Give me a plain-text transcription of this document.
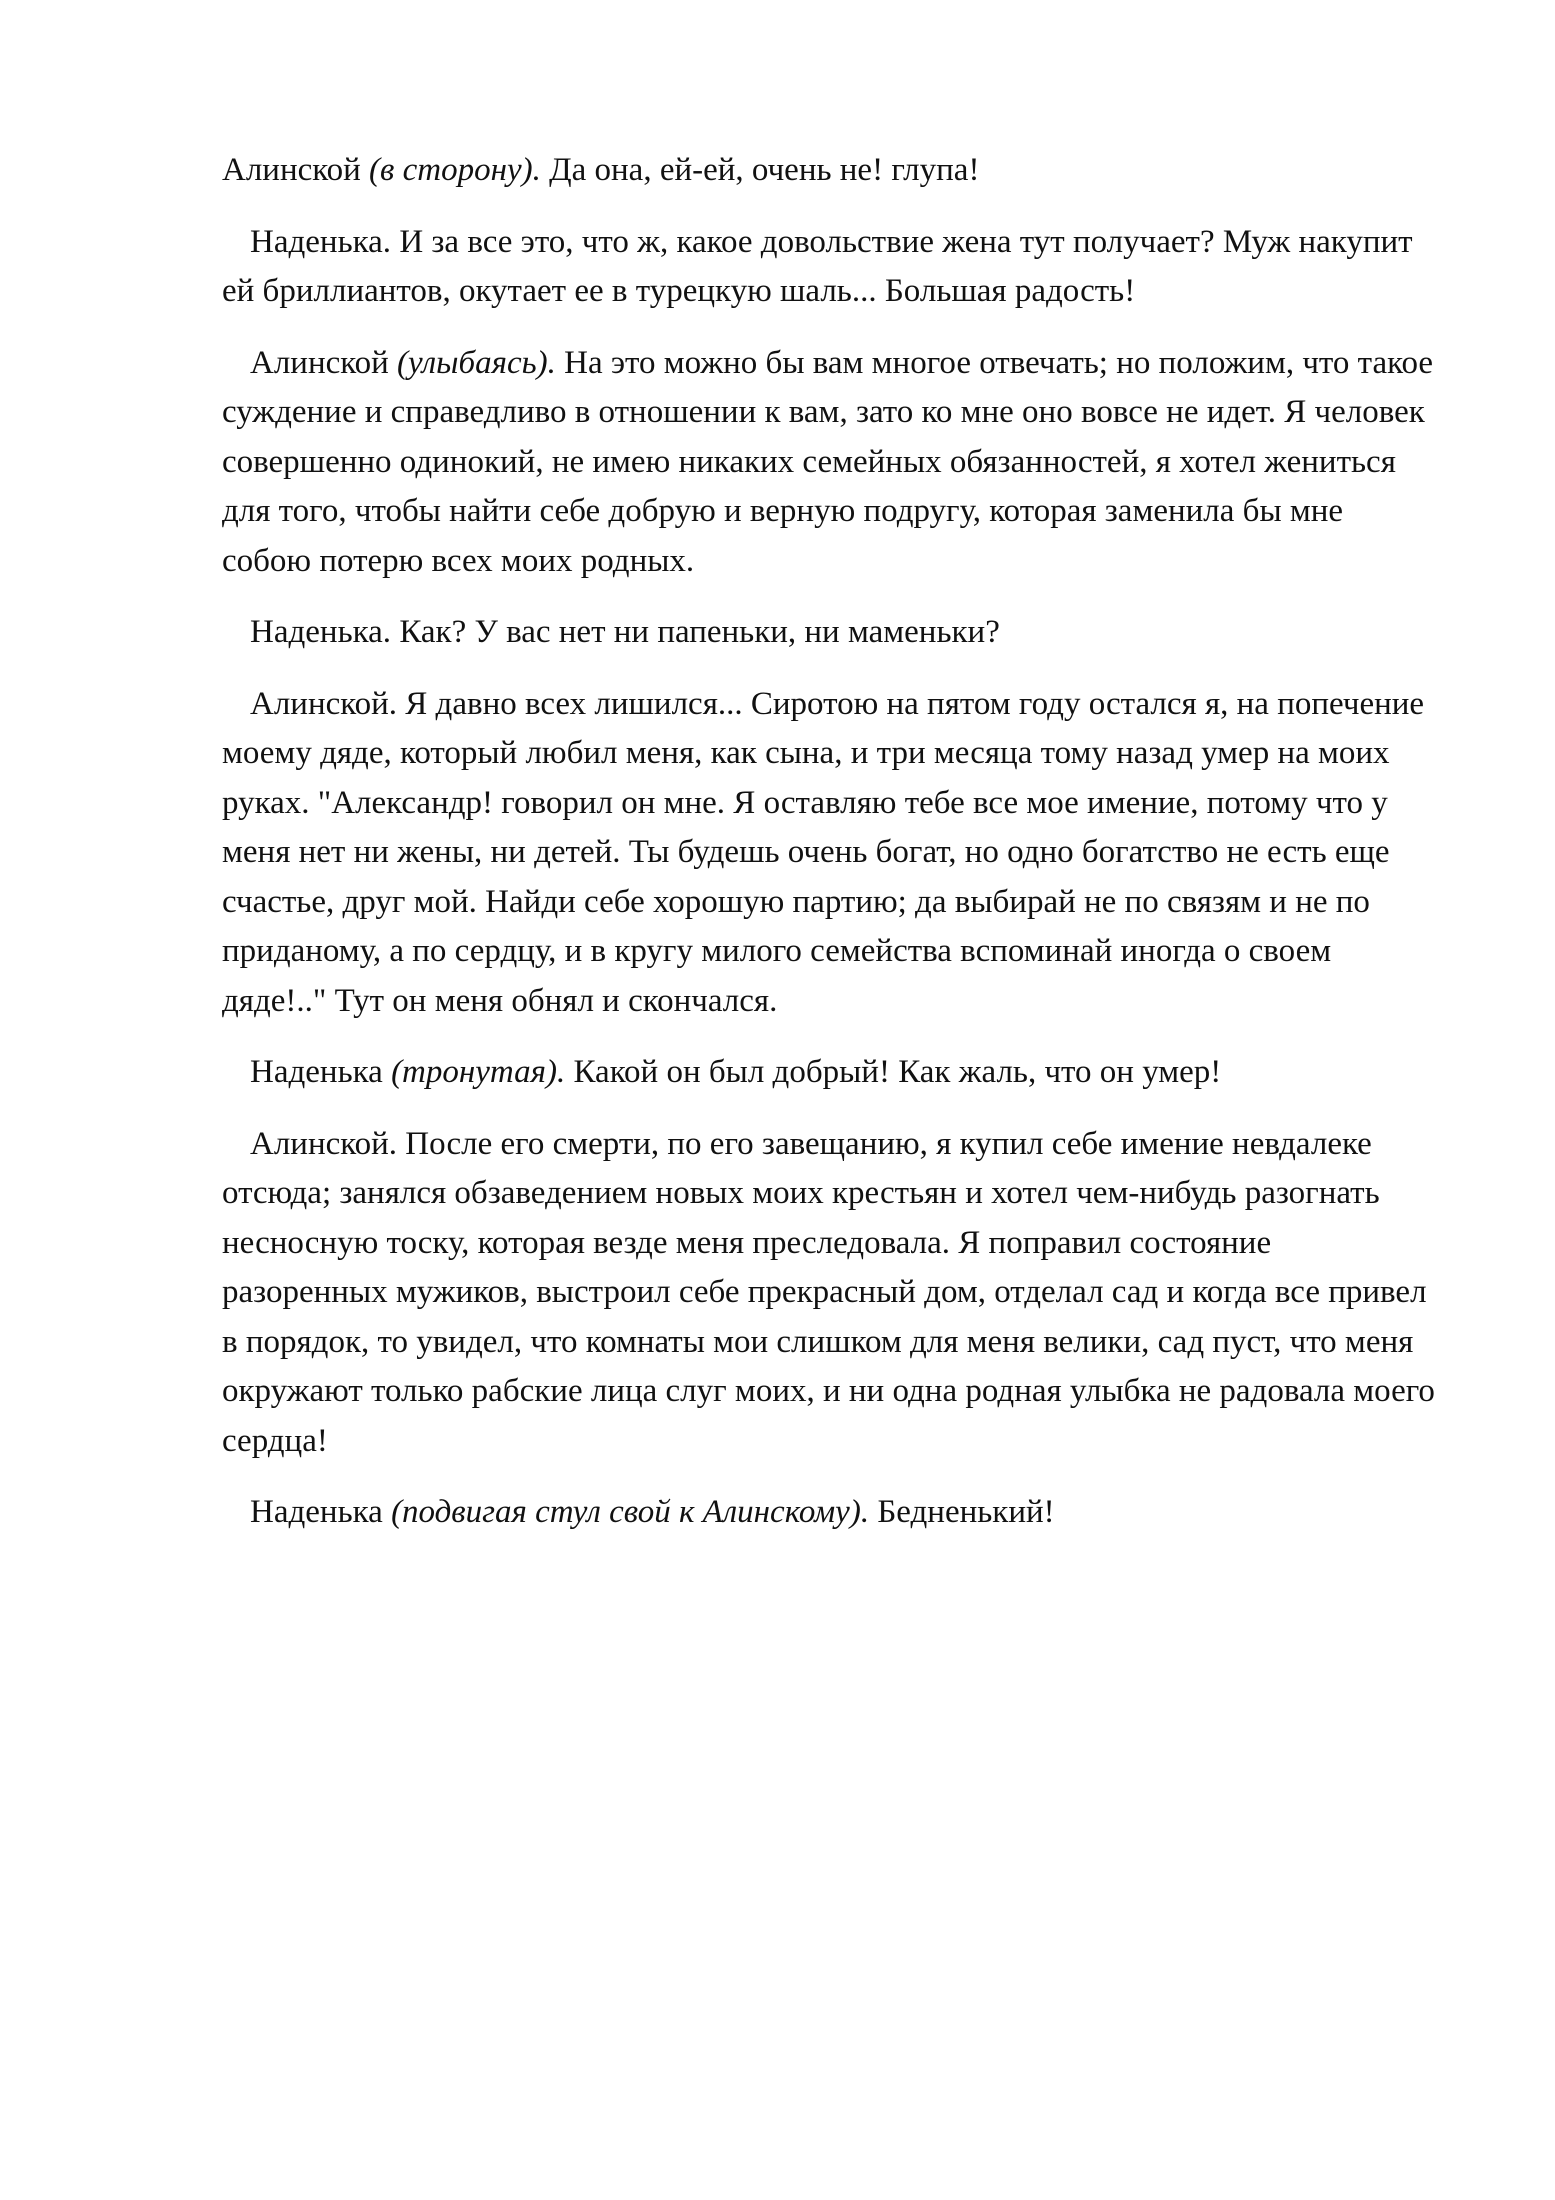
Алинской (в сторону). Да она, ей-ей, очень не! глупа!

Наденька. И за все это, что ж, какое довольствие жена тут получает? Муж накупит ей бриллиантов, окутает ее в турецкую шаль... Большая радость!

Алинской (улыбаясь). На это можно бы вам многое отвечать; но положим, что такое суждение и справедливо в отношении к вам, зато ко мне оно вовсе не идет. Я человек совершенно одинокий, не имею никаких семейных обязанностей, я хотел жениться для того, чтобы найти себе добрую и верную подругу, которая заменила бы мне собою потерю всех моих родных.

Наденька. Как? У вас нет ни папеньки, ни маменьки?

Алинской. Я давно всех лишился... Сиротою на пятом году остался я, на попечение моему дяде, который любил меня, как сына, и три месяца тому назад умер на моих руках. "Александр! говорил он мне. Я оставляю тебе все мое имение, потому что у меня нет ни жены, ни детей. Ты будешь очень богат, но одно богатство не есть еще счастье, друг мой. Найди себе хорошую партию; да выбирай не по связям и не по приданому, а по сердцу, и в кругу милого семейства вспоминай иногда о своем дяде!.." Тут он меня обнял и скончался.

Наденька (тронутая). Какой он был добрый! Как жаль, что он умер!

Алинской. После его смерти, по его завещанию, я купил себе имение невдалеке отсюда; занялся обзаведением новых моих крестьян и хотел чем-нибудь разогнать несносную тоску, которая везде меня преследовала. Я поправил состояние разоренных мужиков, выстроил себе прекрасный дом, отделал сад и когда все привел в порядок, то увидел, что комнаты мои слишком для меня велики, сад пуст, что меня окружают только рабские лица слуг моих, и ни одна родная улыбка не радовала моего сердца!

Наденька (подвигая стул свой к Алинскому). Бедненький!
